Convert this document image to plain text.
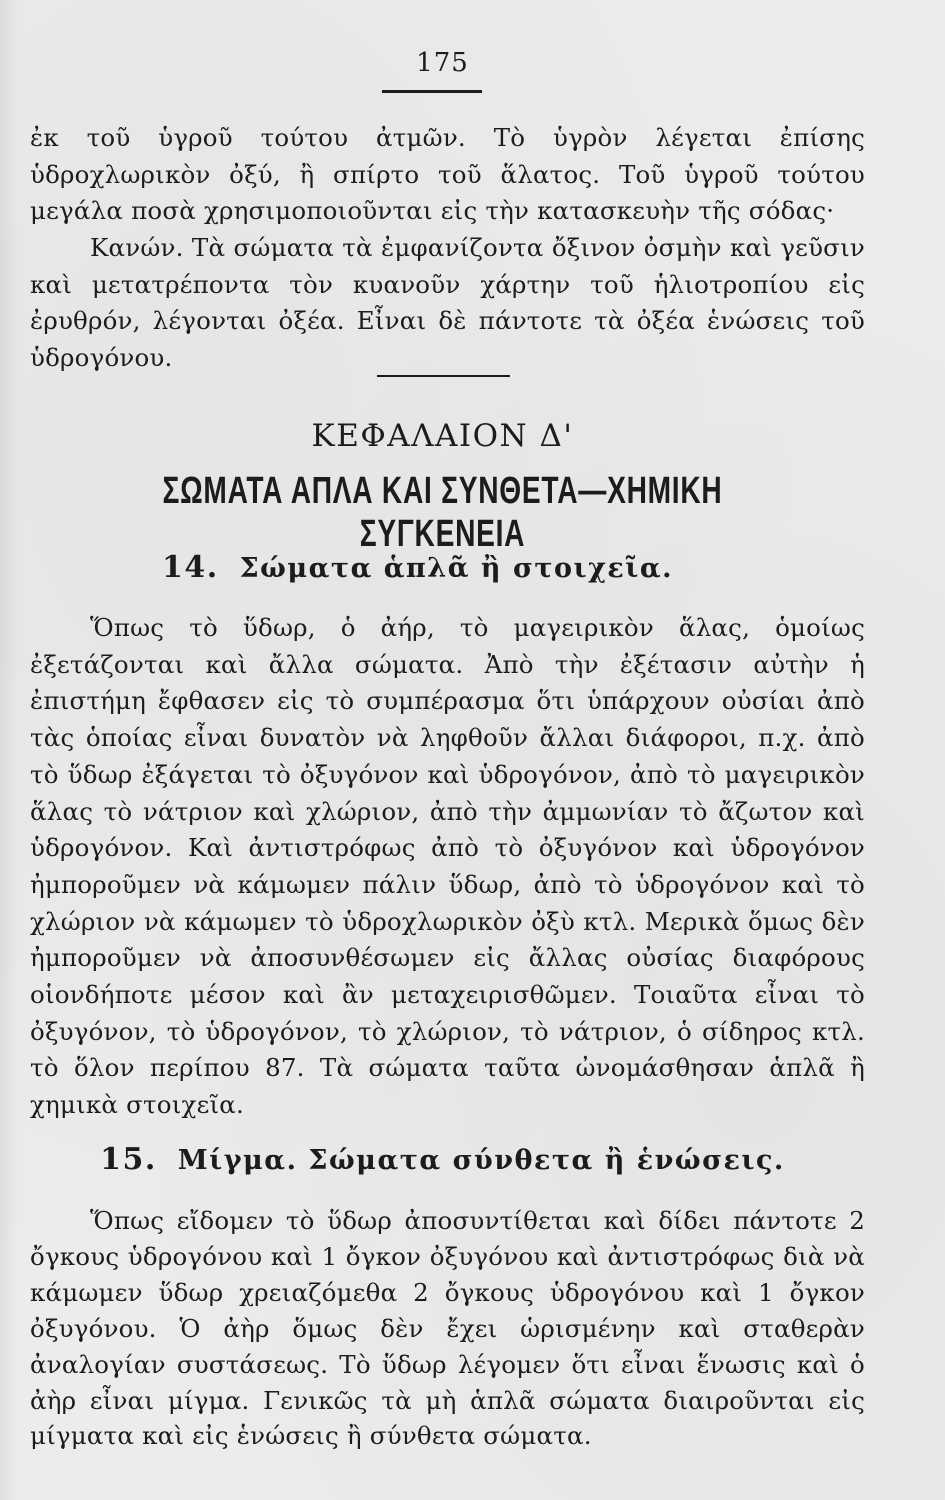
175

ἐκ τοῦ ὑγροῦ τούτου ἀτμῶν. Τὸ ὑγρὸν λέγεται ἐπίσης ὑδροχλωρικὸν ὀξύ, ἢ σπίρτο τοῦ ἅλατος. Τοῦ ὑγροῦ τούτου μεγάλα ποσὰ χρησιμοποιοῦνται εἰς τὴν κατασκευὴν τῆς σόδας·

Κανών. Τὰ σώματα τὰ ἐμφανίζοντα ὄξινον ὀσμὴν καὶ γεῦσιν καὶ μετατρέποντα τὸν κυανοῦν χάρτην τοῦ ἡλιοτροπίου εἰς ἐρυθρόν, λέγονται ὀξέα. Εἶναι δὲ πάντοτε τὰ ὀξέα ἑνώσεις τοῦ ὑδρογόνου.

ΚΕΦΑΛΑΙΟΝ Δ'
ΣΩΜΑΤΑ ΑΠΛΑ ΚΑΙ ΣΥΝΘΕΤΑ—ΧΗΜΙΚΗ ΣΥΓΚΕΝΕΙΑ
14. Σώματα ἁπλᾶ ἢ στοιχεῖα.

Ὅπως τὸ ὕδωρ, ὁ ἀήρ, τὸ μαγειρικὸν ἅλας, ὁμοίως ἐξετάζονται καὶ ἄλλα σώματα. Ἀπὸ τὴν ἐξέτασιν αὐτὴν ἡ ἐπιστήμη ἔφθασεν εἰς τὸ συμπέρασμα ὅτι ὑπάρχουν οὐσίαι ἀπὸ τὰς ὁποίας εἶναι δυνατὸν νὰ ληφθοῦν ἄλλαι διάφοροι, π.χ. ἀπὸ τὸ ὕδωρ ἐξάγεται τὸ ὀξυγόνον καὶ ὑδρογόνον, ἀπὸ τὸ μαγειρικὸν ἅλας τὸ νάτριον καὶ χλώριον, ἀπὸ τὴν ἀμμωνίαν τὸ ἄζωτον καὶ ὑδρογόνον. Καὶ ἀντιστρόφως ἀπὸ τὸ ὀξυγόνον καὶ ὑδρογόνον ἠμποροῦμεν νὰ κάμωμεν πάλιν ὕδωρ, ἀπὸ τὸ ὑδρογόνον καὶ τὸ χλώριον νὰ κάμωμεν τὸ ὑδροχλωρικὸν ὀξὺ κτλ. Μερικὰ ὅμως δὲν ἠμποροῦμεν νὰ ἀποσυνθέσωμεν εἰς ἄλλας οὐσίας διαφόρους οἱονδήποτε μέσον καὶ ἂν μεταχειρισθῶμεν. Τοιαῦτα εἶναι τὸ ὀξυγόνον, τὸ ὑδρογόνον, τὸ χλώριον, τὸ νάτριον, ὁ σίδηρος κτλ. τὸ ὅλον περίπου 87. Τὰ σώματα ταῦτα ὠνομάσθησαν ἁπλᾶ ἢ χημικὰ στοιχεῖα.

15. Μίγμα. Σώματα σύνθετα ἢ ἑνώσεις.

Ὅπως εἴδομεν τὸ ὕδωρ ἀποσυντίθεται καὶ δίδει πάντοτε 2 ὄγκους ὑδρογόνου καὶ 1 ὄγκον ὀξυγόνου καὶ ἀντιστρόφως διὰ νὰ κάμωμεν ὕδωρ χρειαζόμεθα 2 ὄγκους ὑδρογόνου καὶ 1 ὄγκον ὀξυγόνου. Ὁ ἀὴρ ὅμως δὲν ἔχει ὡρισμένην καὶ σταθερὰν ἀναλογίαν συστάσεως. Τὸ ὕδωρ λέγομεν ὅτι εἶναι ἕνωσις καὶ ὁ ἀὴρ εἶναι μίγμα. Γενικῶς τὰ μὴ ἁπλᾶ σώματα διαιροῦνται εἰς μίγματα καὶ εἰς ἑνώσεις ἢ σύνθετα σώματα.
